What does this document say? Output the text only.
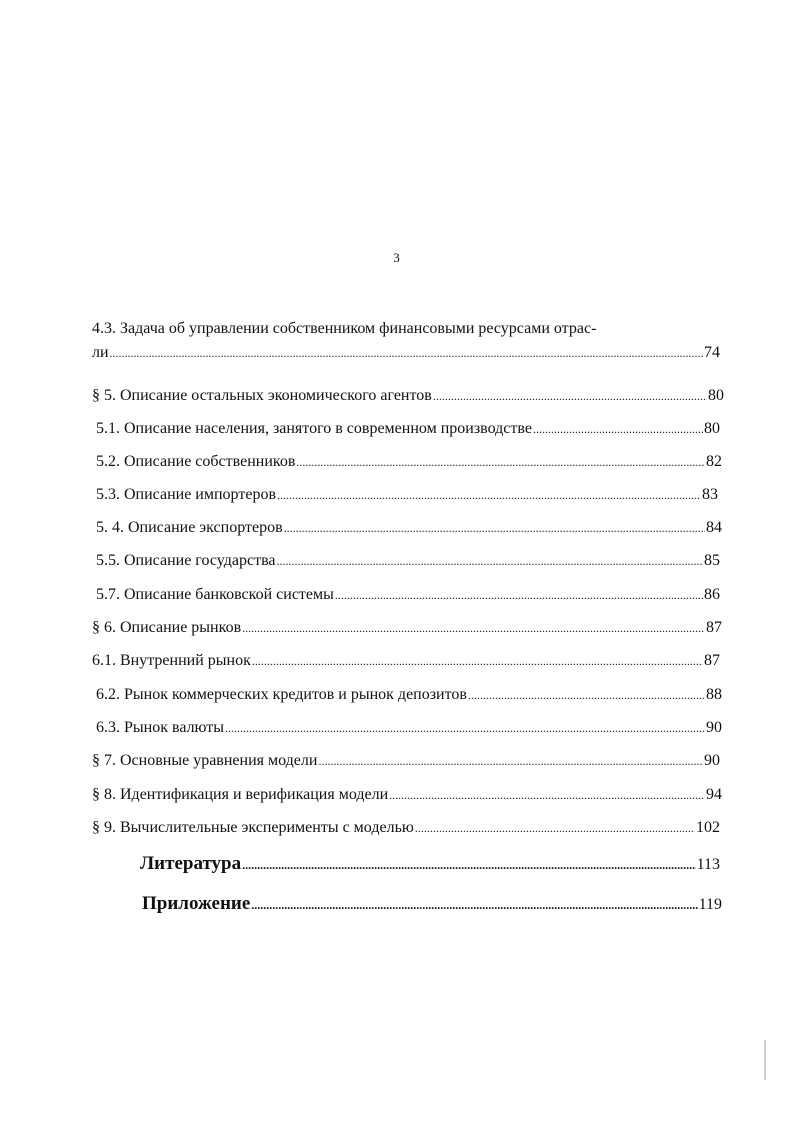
3
4.3. Задача об управлении собственником финансовыми ресурсами отрас-
ли .....	74
§ 5. Описание остальных экономического агентов .....	80
5.1. Описание населения, занятого в современном производстве .....	80
5.2. Описание собственников .....	82
5.3. Описание импортеров .....	83
5. 4. Описание экспортеров .....	84
5.5. Описание государства .....	85
5.7. Описание банковской системы .....	86
§ 6. Описание рынков .....	87
6.1. Внутренний рынок .....	87
6.2. Рынок коммерческих кредитов и рынок депозитов .....	88
6.3. Рынок валюты .....	90
§ 7. Основные уравнения модели .....	90
§ 8. Идентификация и верификация модели .....	94
§ 9. Вычислительные эксперименты с моделью .....	102
Литература .....	113
Приложение .....	119
